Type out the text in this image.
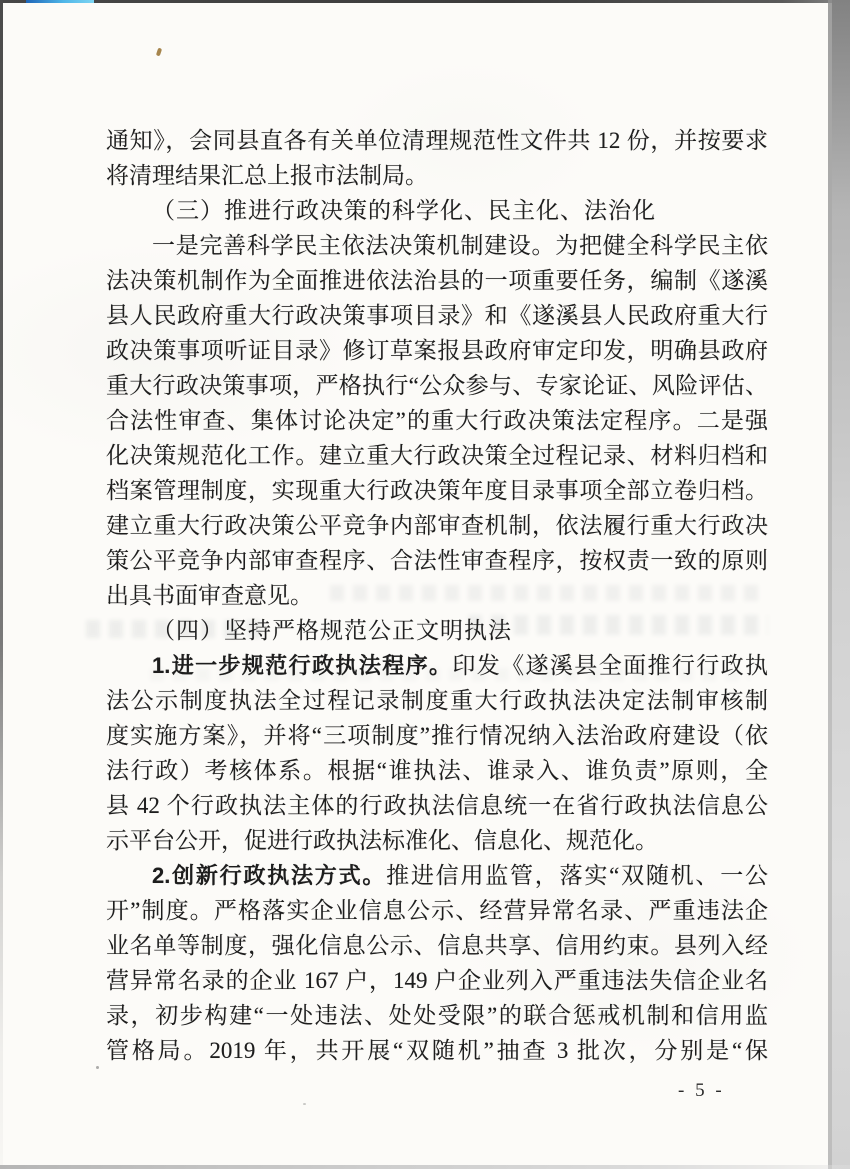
通知》，会同县直各有关单位清理规范性文件共 12 份，并按要求
将清理结果汇总上报市法制局。
（三）推进行政决策的科学化、民主化、法治化
一是完善科学民主依法决策机制建设。为把健全科学民主依
法决策机制作为全面推进依法治县的一项重要任务，编制《遂溪
县人民政府重大行政决策事项目录》和《遂溪县人民政府重大行
政决策事项听证目录》修订草案报县政府审定印发，明确县政府
重大行政决策事项，严格执行“公众参与、专家论证、风险评估、
合法性审查、集体讨论决定”的重大行政决策法定程序。二是强
化决策规范化工作。建立重大行政决策全过程记录、材料归档和
档案管理制度，实现重大行政决策年度目录事项全部立卷归档。
建立重大行政决策公平竞争内部审查机制，依法履行重大行政决
策公平竞争内部审查程序、合法性审查程序，按权责一致的原则
出具书面审查意见。
（四）坚持严格规范公正文明执法
1.进一步规范行政执法程序。印发《遂溪县全面推行行政执
法公示制度执法全过程记录制度重大行政执法决定法制审核制
度实施方案》，并将“三项制度”推行情况纳入法治政府建设（依
法行政）考核体系。根据“谁执法、谁录入、谁负责”原则，全
县 42 个行政执法主体的行政执法信息统一在省行政执法信息公
示平台公开，促进行政执法标准化、信息化、规范化。
2.创新行政执法方式。推进信用监管，落实“双随机、一公
开”制度。严格落实企业信息公示、经营异常名录、严重违法企
业名单等制度，强化信息公示、信息共享、信用约束。县列入经
营异常名录的企业 167 户，149 户企业列入严重违法失信企业名
录，初步构建“一处违法、处处受限”的联合惩戒机制和信用监
管格局。2019 年，共开展“双随机”抽查 3 批次，分别是“保
- 5 -
